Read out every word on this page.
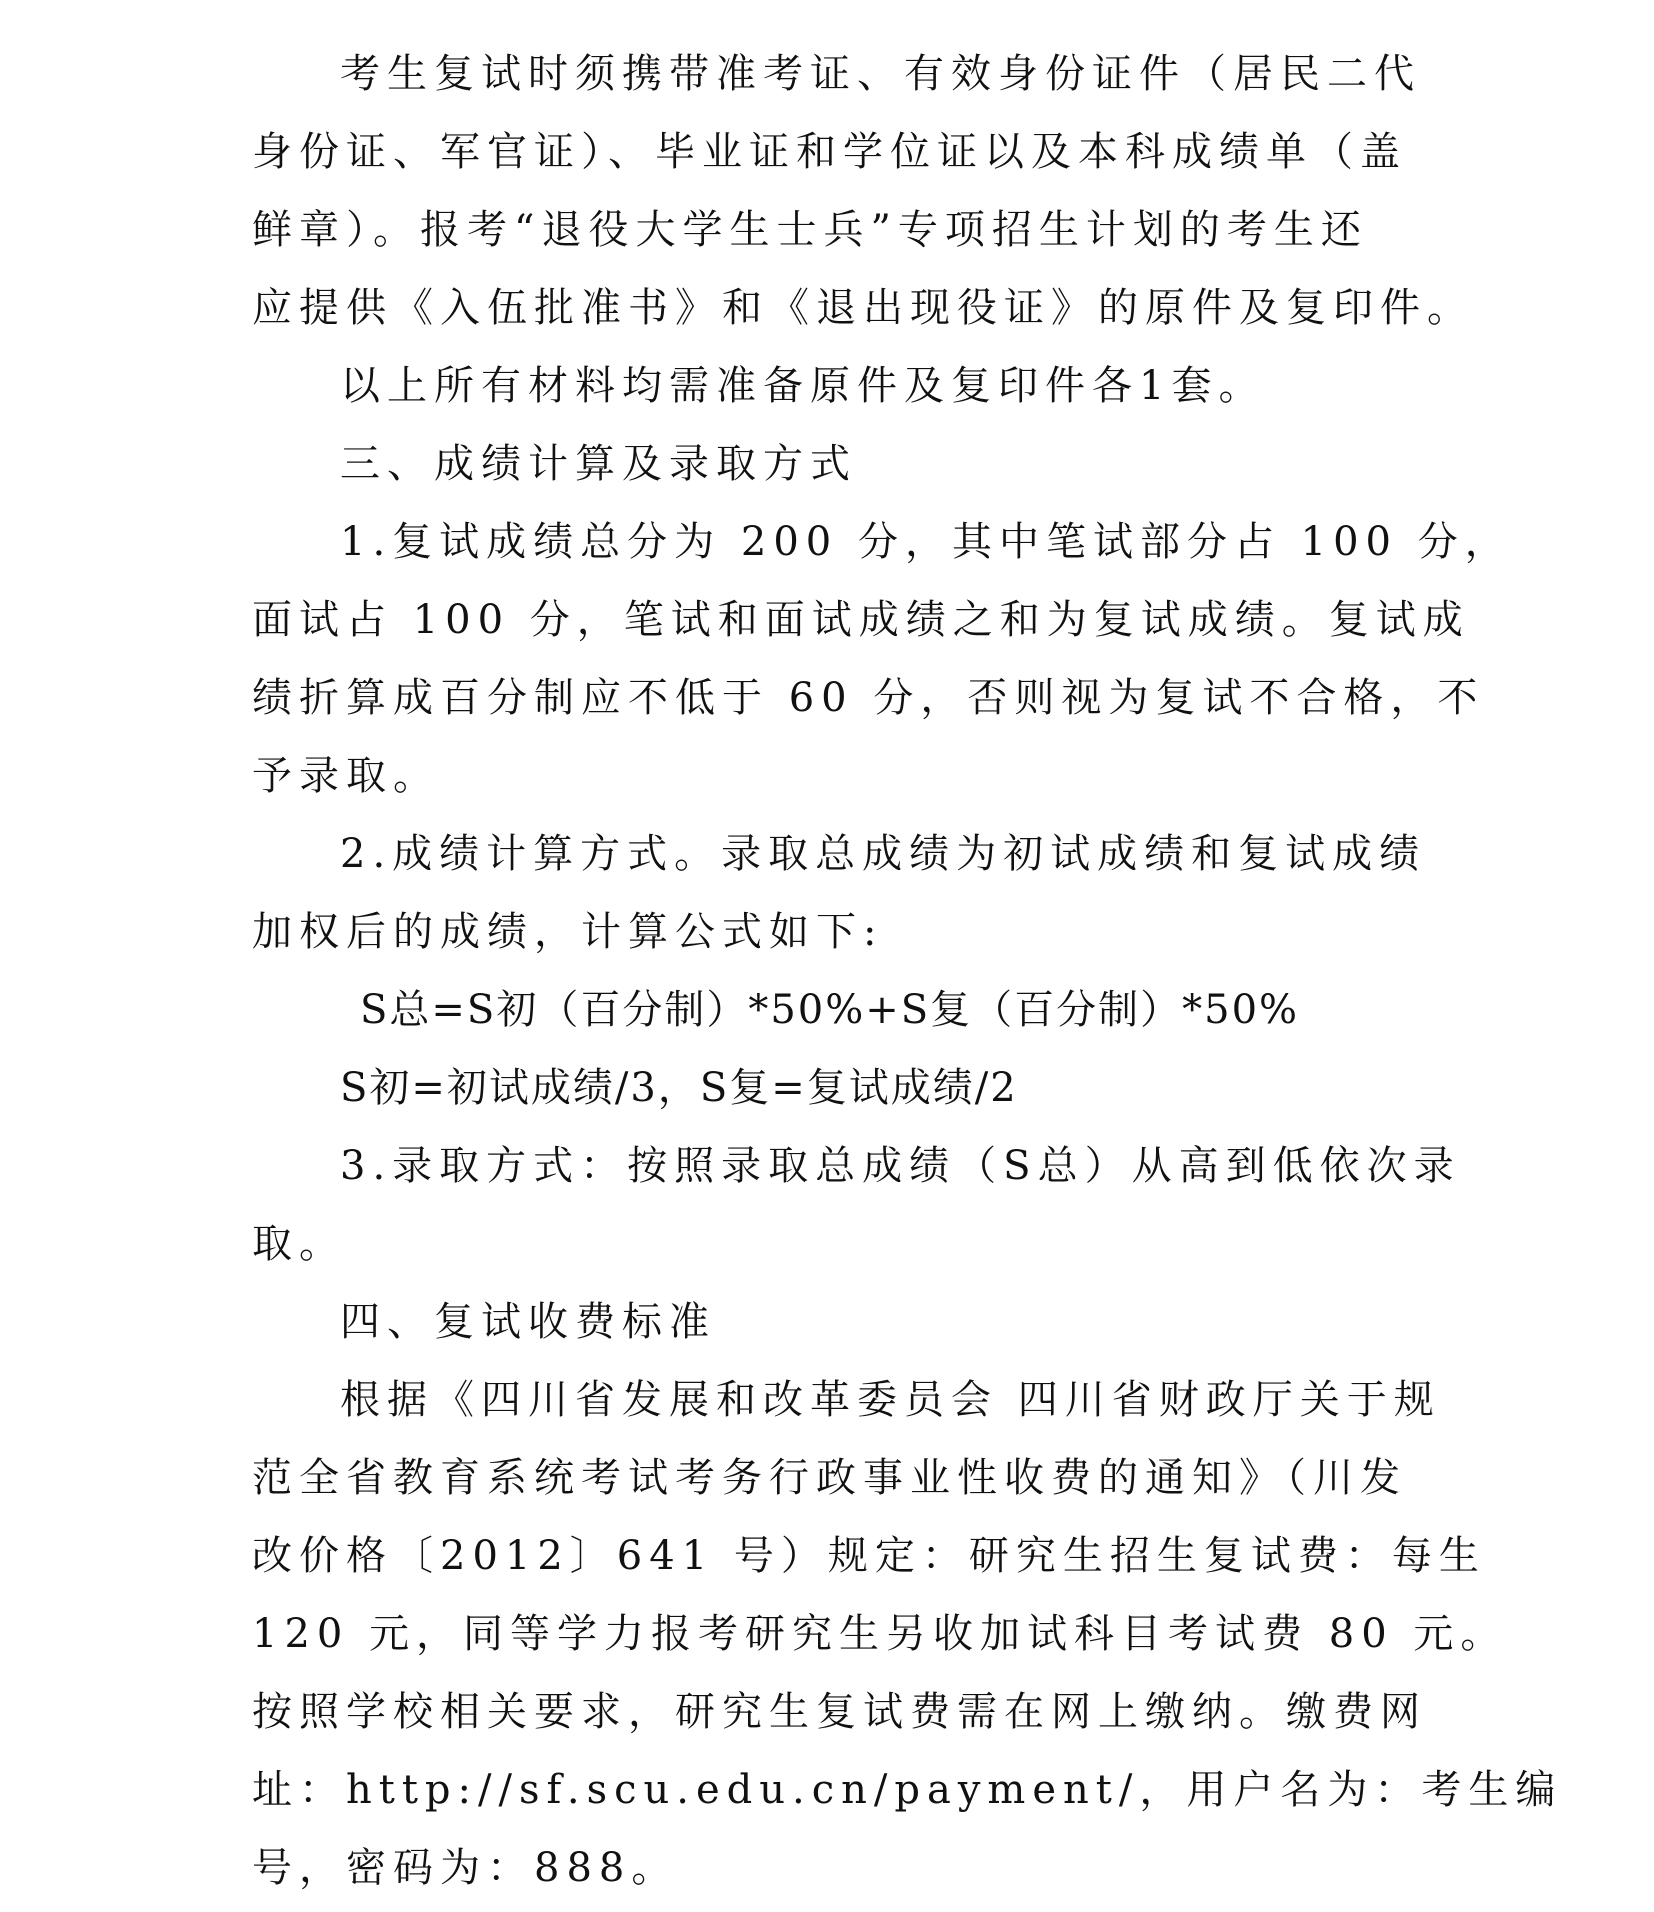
考生复试时须携带准考证、有效身份证件（居民二代
身份证、军官证）、毕业证和学位证以及本科成绩单（盖
鲜章）。报考“退役大学生士兵”专项招生计划的考生还
应提供《入伍批准书》和《退出现役证》的原件及复印件。
以上所有材料均需准备原件及复印件各1套。
三、成绩计算及录取方式
1.复试成绩总分为 200 分，其中笔试部分占 100 分，
面试占 100 分，笔试和面试成绩之和为复试成绩。复试成
绩折算成百分制应不低于 60 分，否则视为复试不合格，不
予录取。
2.成绩计算方式。录取总成绩为初试成绩和复试成绩
加权后的成绩，计算公式如下:
S总=S初（百分制）*50%+S复（百分制）*50%
S初=初试成绩/3，S复=复试成绩/2
3.录取方式：按照录取总成绩（S总）从高到低依次录
取。
四、复试收费标准
根据《四川省发展和改革委员会 四川省财政厅关于规
范全省教育系统考试考务行政事业性收费的通知》（川发
改价格〔2012〕641 号）规定：研究生招生复试费：每生
120 元，同等学力报考研究生另收加试科目考试费 80 元。
按照学校相关要求，研究生复试费需在网上缴纳。缴费网
址：http://sf.scu.edu.cn/payment/，用户名为：考生编
号，密码为：888。
